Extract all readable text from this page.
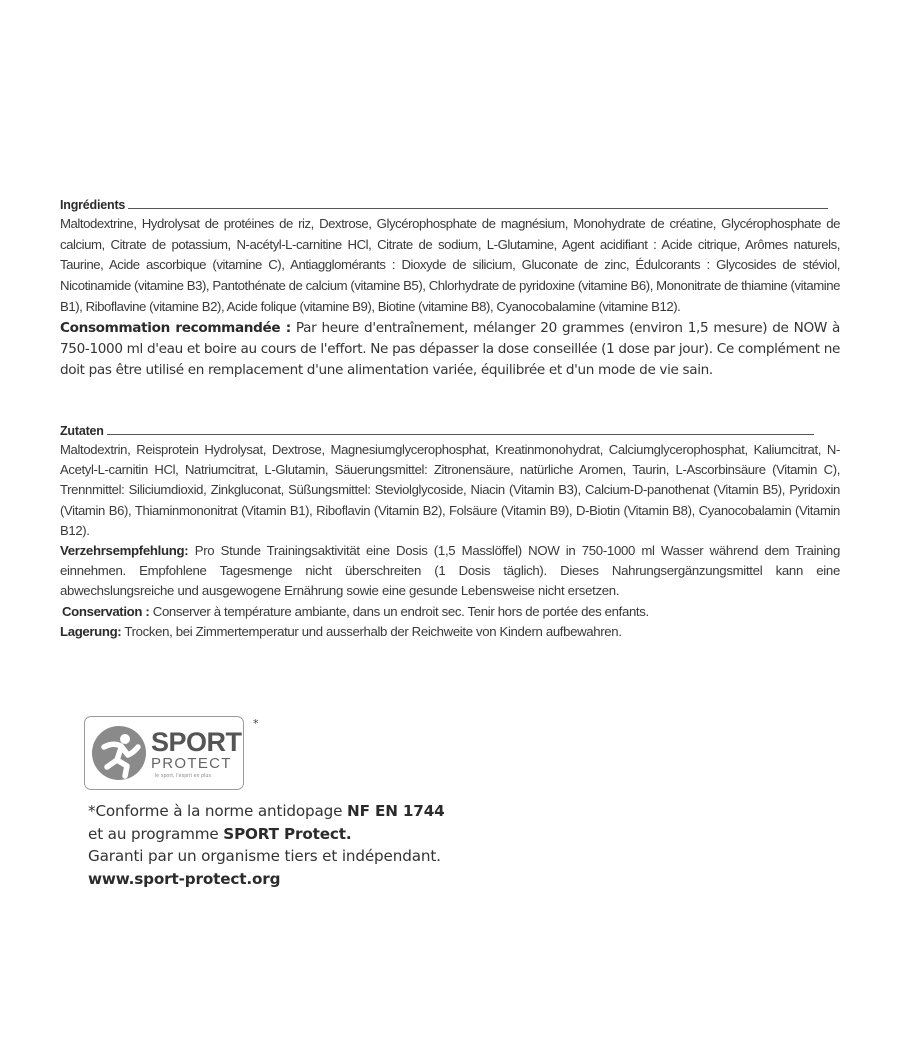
Ingrédients

Maltodextrine, Hydrolysat de protéines de riz, Dextrose, Glycérophosphate de magnésium, Monohydrate de créatine, Glycérophosphate de calcium, Citrate de potassium, N-acétyl-L-carnitine HCl, Citrate de sodium, L-Glutamine, Agent acidifiant : Acide citrique, Arômes naturels, Taurine, Acide ascorbique (vitamine C), Antiagglomérants : Dioxyde de silicium, Gluconate de zinc, Édulcorants : Glycosides de stéviol, Nicotinamide (vitamine B3), Pantothénate de calcium (vitamine B5), Chlorhydrate de pyridoxine (vitamine B6), Mononitrate de thiamine (vitamine B1), Riboflavine (vitamine B2), Acide folique (vitamine B9), Biotine (vitamine B8), Cyanocobalamine (vitamine B12).

Consommation recommandée : Par heure d'entraînement, mélanger 20 grammes (environ 1,5 mesure) de NOW à 750-1000 ml d'eau et boire au cours de l'effort. Ne pas dépasser la dose conseillée (1 dose par jour). Ce complément ne doit pas être utilisé en remplacement d'une alimentation variée, équilibrée et d'un mode de vie sain.

Zutaten

Maltodextrin, Reisprotein Hydrolysat, Dextrose, Magnesiumglycerophosphat, Kreatinmonohydrat, Calciumglycerophosphat, Kaliumcitrat, N-Acetyl-L-carnitin HCl, Natriumcitrat, L-Glutamin, Säuerungsmittel: Zitronensäure, natürliche Aromen, Taurin, L-Ascorbinsäure (Vitamin C), Trennmittel: Siliciumdioxid, Zinkgluconat, Süßungsmittel: Steviolglycoside, Niacin (Vitamin B3), Calcium-D-panothenat (Vitamin B5), Pyridoxin (Vitamin B6), Thiaminmononitrat (Vitamin B1), Riboflavin (Vitamin B2), Folsäure (Vitamin B9), D-Biotin (Vitamin B8), Cyanocobalamin (Vitamin B12).

Verzehrsempfehlung: Pro Stunde Trainingsaktivität eine Dosis (1,5 Masslöffel) NOW in 750-1000 ml Wasser während dem Training einnehmen. Empfohlene Tagesmenge nicht überschreiten (1 Dosis täglich). Dieses Nahrungsergänzungsmittel kann eine abwechslungsreiche und ausgewogene Ernährung sowie eine gesunde Lebensweise nicht ersetzen.

Conservation : Conserver à température ambiante, dans un endroit sec. Tenir hors de portée des enfants.

Lagerung: Trocken, bei Zimmertemperatur und ausserhalb der Reichweite von Kindern aufbewahren.

SPORT
PROTECT
le sport, l'esprit en plus
*

*Conforme à la norme antidopage NF EN 1744

et au programme SPORT Protect.

Garanti par un organisme tiers et indépendant.

www.sport-protect.org
